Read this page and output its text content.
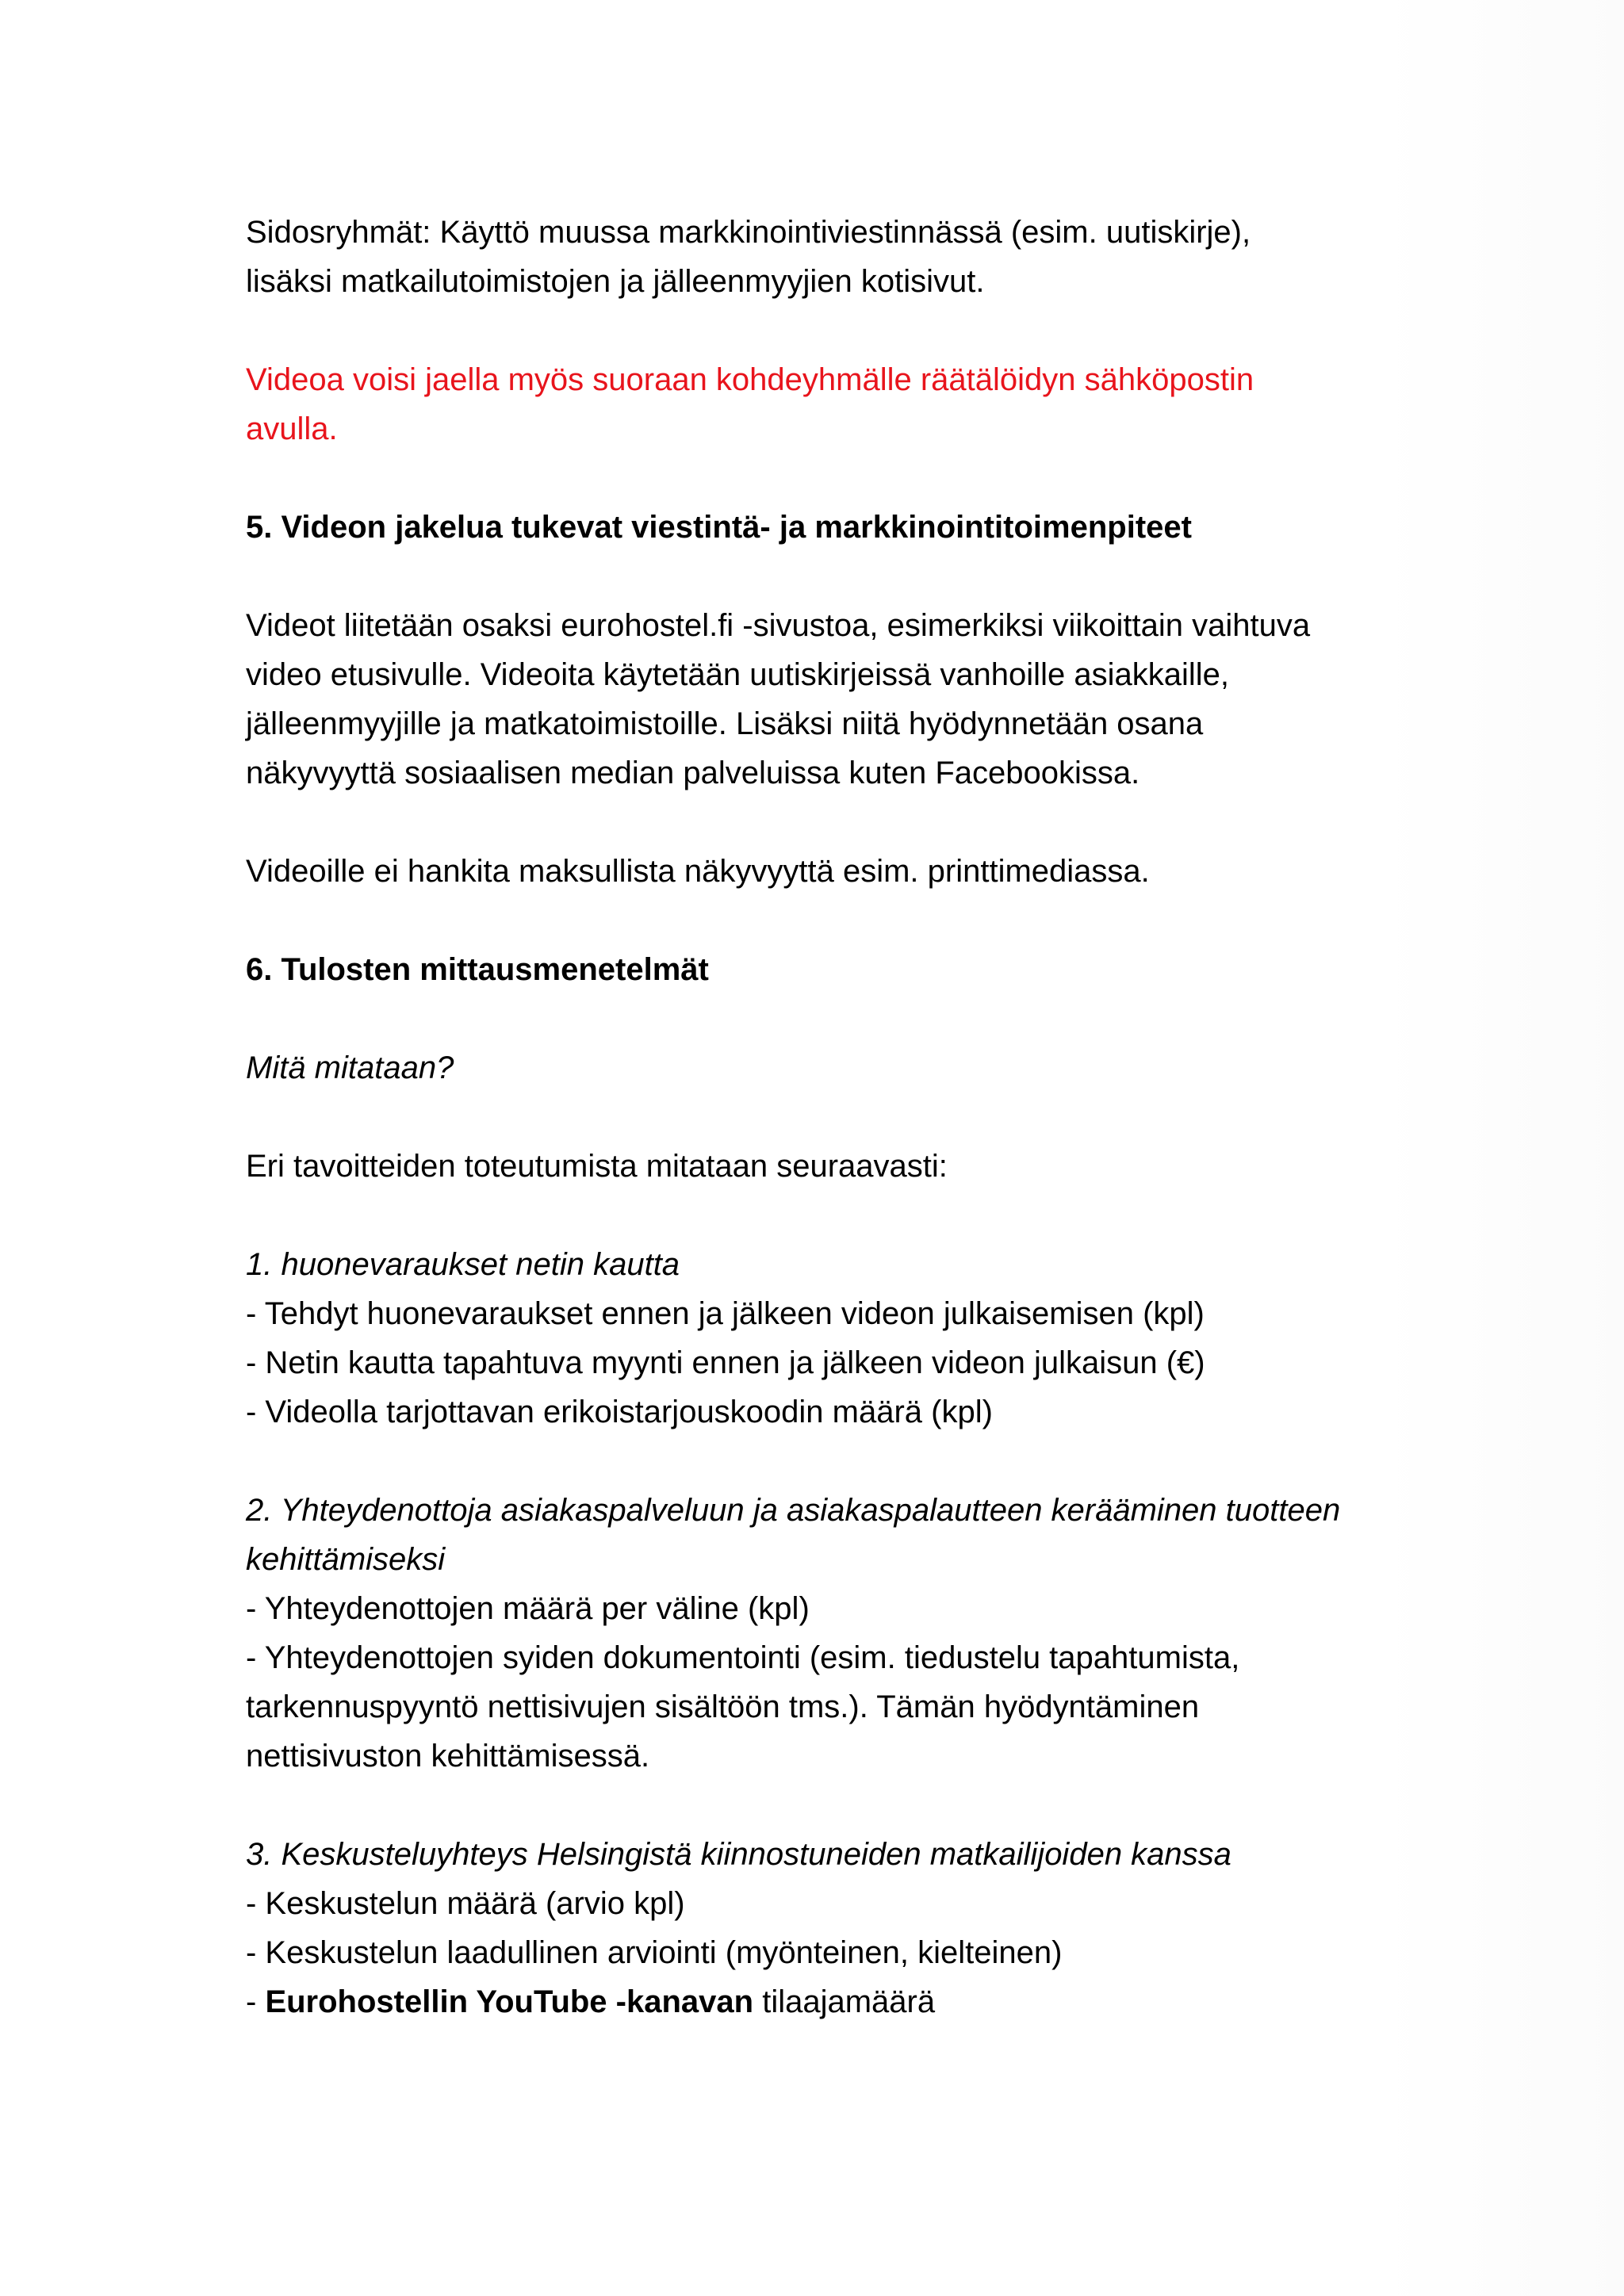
Sidosryhmät: Käyttö muussa markkinointiviestinnässä (esim. uutiskirje),
lisäksi matkailutoimistojen ja jälleenmyyjien kotisivut.

Videoa voisi jaella myös suoraan kohdeyhmälle räätälöidyn sähköpostin
avulla.

5. Videon jakelua tukevat viestintä- ja markkinointitoimenpiteet

Videot liitetään osaksi eurohostel.fi -sivustoa, esimerkiksi viikoittain vaihtuva
video etusivulle. Videoita käytetään uutiskirjeissä vanhoille asiakkaille,
jälleenmyyjille ja matkatoimistoille. Lisäksi niitä hyödynnetään osana
näkyvyyttä sosiaalisen median palveluissa kuten Facebookissa.

Videoille ei hankita maksullista näkyvyyttä esim. printtimediassa.

6. Tulosten mittausmenetelmät

Mitä mitataan?

Eri tavoitteiden toteutumista mitataan seuraavasti:

1. huonevaraukset netin kautta
- Tehdyt huonevaraukset ennen ja jälkeen videon julkaisemisen (kpl)
- Netin kautta tapahtuva myynti ennen ja jälkeen videon julkaisun (€)
- Videolla tarjottavan erikoistarjouskoodin määrä (kpl)

2. Yhteydenottoja asiakaspalveluun ja asiakaspalautteen kerääminen tuotteen
kehittämiseksi
- Yhteydenottojen määrä per väline (kpl)
- Yhteydenottojen syiden dokumentointi (esim. tiedustelu tapahtumista,
tarkennuspyyntö nettisivujen sisältöön tms.). Tämän hyödyntäminen
nettisivuston kehittämisessä.

3. Keskusteluyhteys Helsingistä kiinnostuneiden matkailijoiden kanssa
- Keskustelun määrä (arvio kpl)
- Keskustelun laadullinen arviointi (myönteinen, kielteinen)
- Eurohostellin YouTube -kanavan tilaajamäärä
